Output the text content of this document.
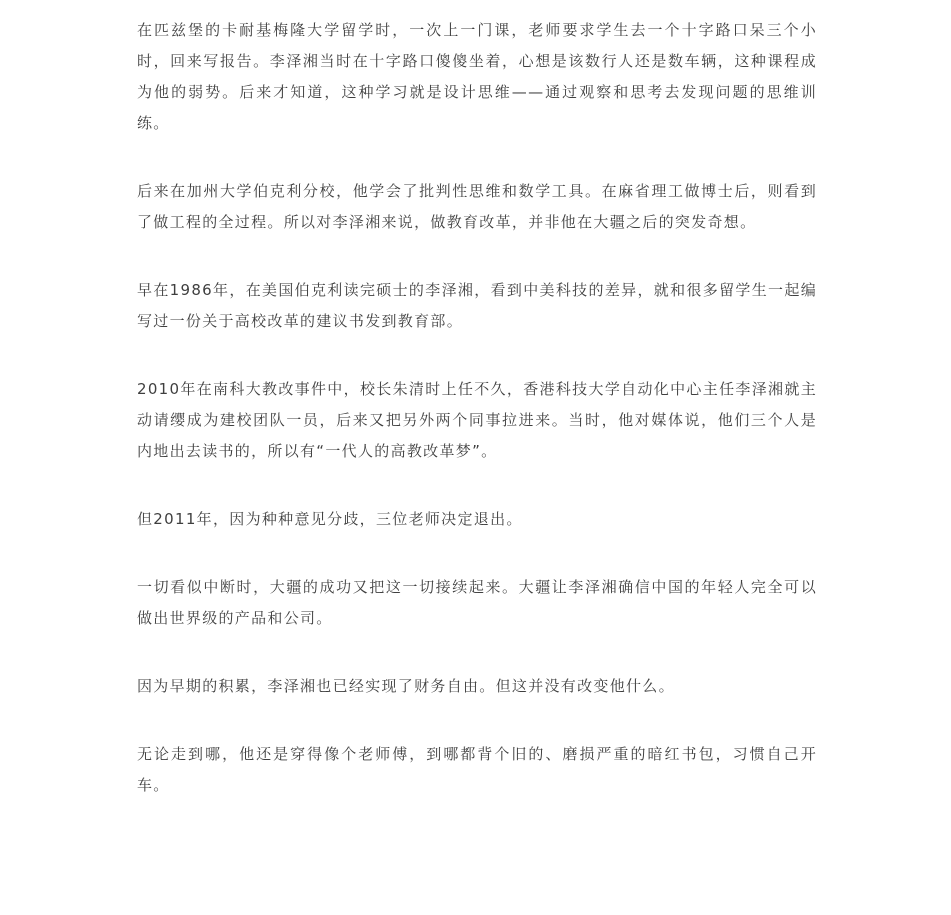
在匹兹堡的卡耐基梅隆大学留学时，一次上一门课，老师要求学生去一个十字路口呆三个小时，回来写报告。李泽湘当时在十字路口傻傻坐着，心想是该数行人还是数车辆，这种课程成为他的弱势。后来才知道，这种学习就是设计思维——通过观察和思考去发现问题的思维训练。

后来在加州大学伯克利分校，他学会了批判性思维和数学工具。在麻省理工做博士后，则看到了做工程的全过程。所以对李泽湘来说，做教育改革，并非他在大疆之后的突发奇想。

早在1986年，在美国伯克利读完硕士的李泽湘，看到中美科技的差异，就和很多留学生一起编写过一份关于高校改革的建议书发到教育部。

2010年在南科大教改事件中，校长朱清时上任不久，香港科技大学自动化中心主任李泽湘就主动请缨成为建校团队一员，后来又把另外两个同事拉进来。当时，他对媒体说，他们三个人是内地出去读书的，所以有“一代人的高教改革梦”。

但2011年，因为种种意见分歧，三位老师决定退出。

一切看似中断时，大疆的成功又把这一切接续起来。大疆让李泽湘确信中国的年轻人完全可以做出世界级的产品和公司。

因为早期的积累，李泽湘也已经实现了财务自由。但这并没有改变他什么。

无论走到哪，他还是穿得像个老师傅，到哪都背个旧的、磨损严重的暗红书包，习惯自己开车。
